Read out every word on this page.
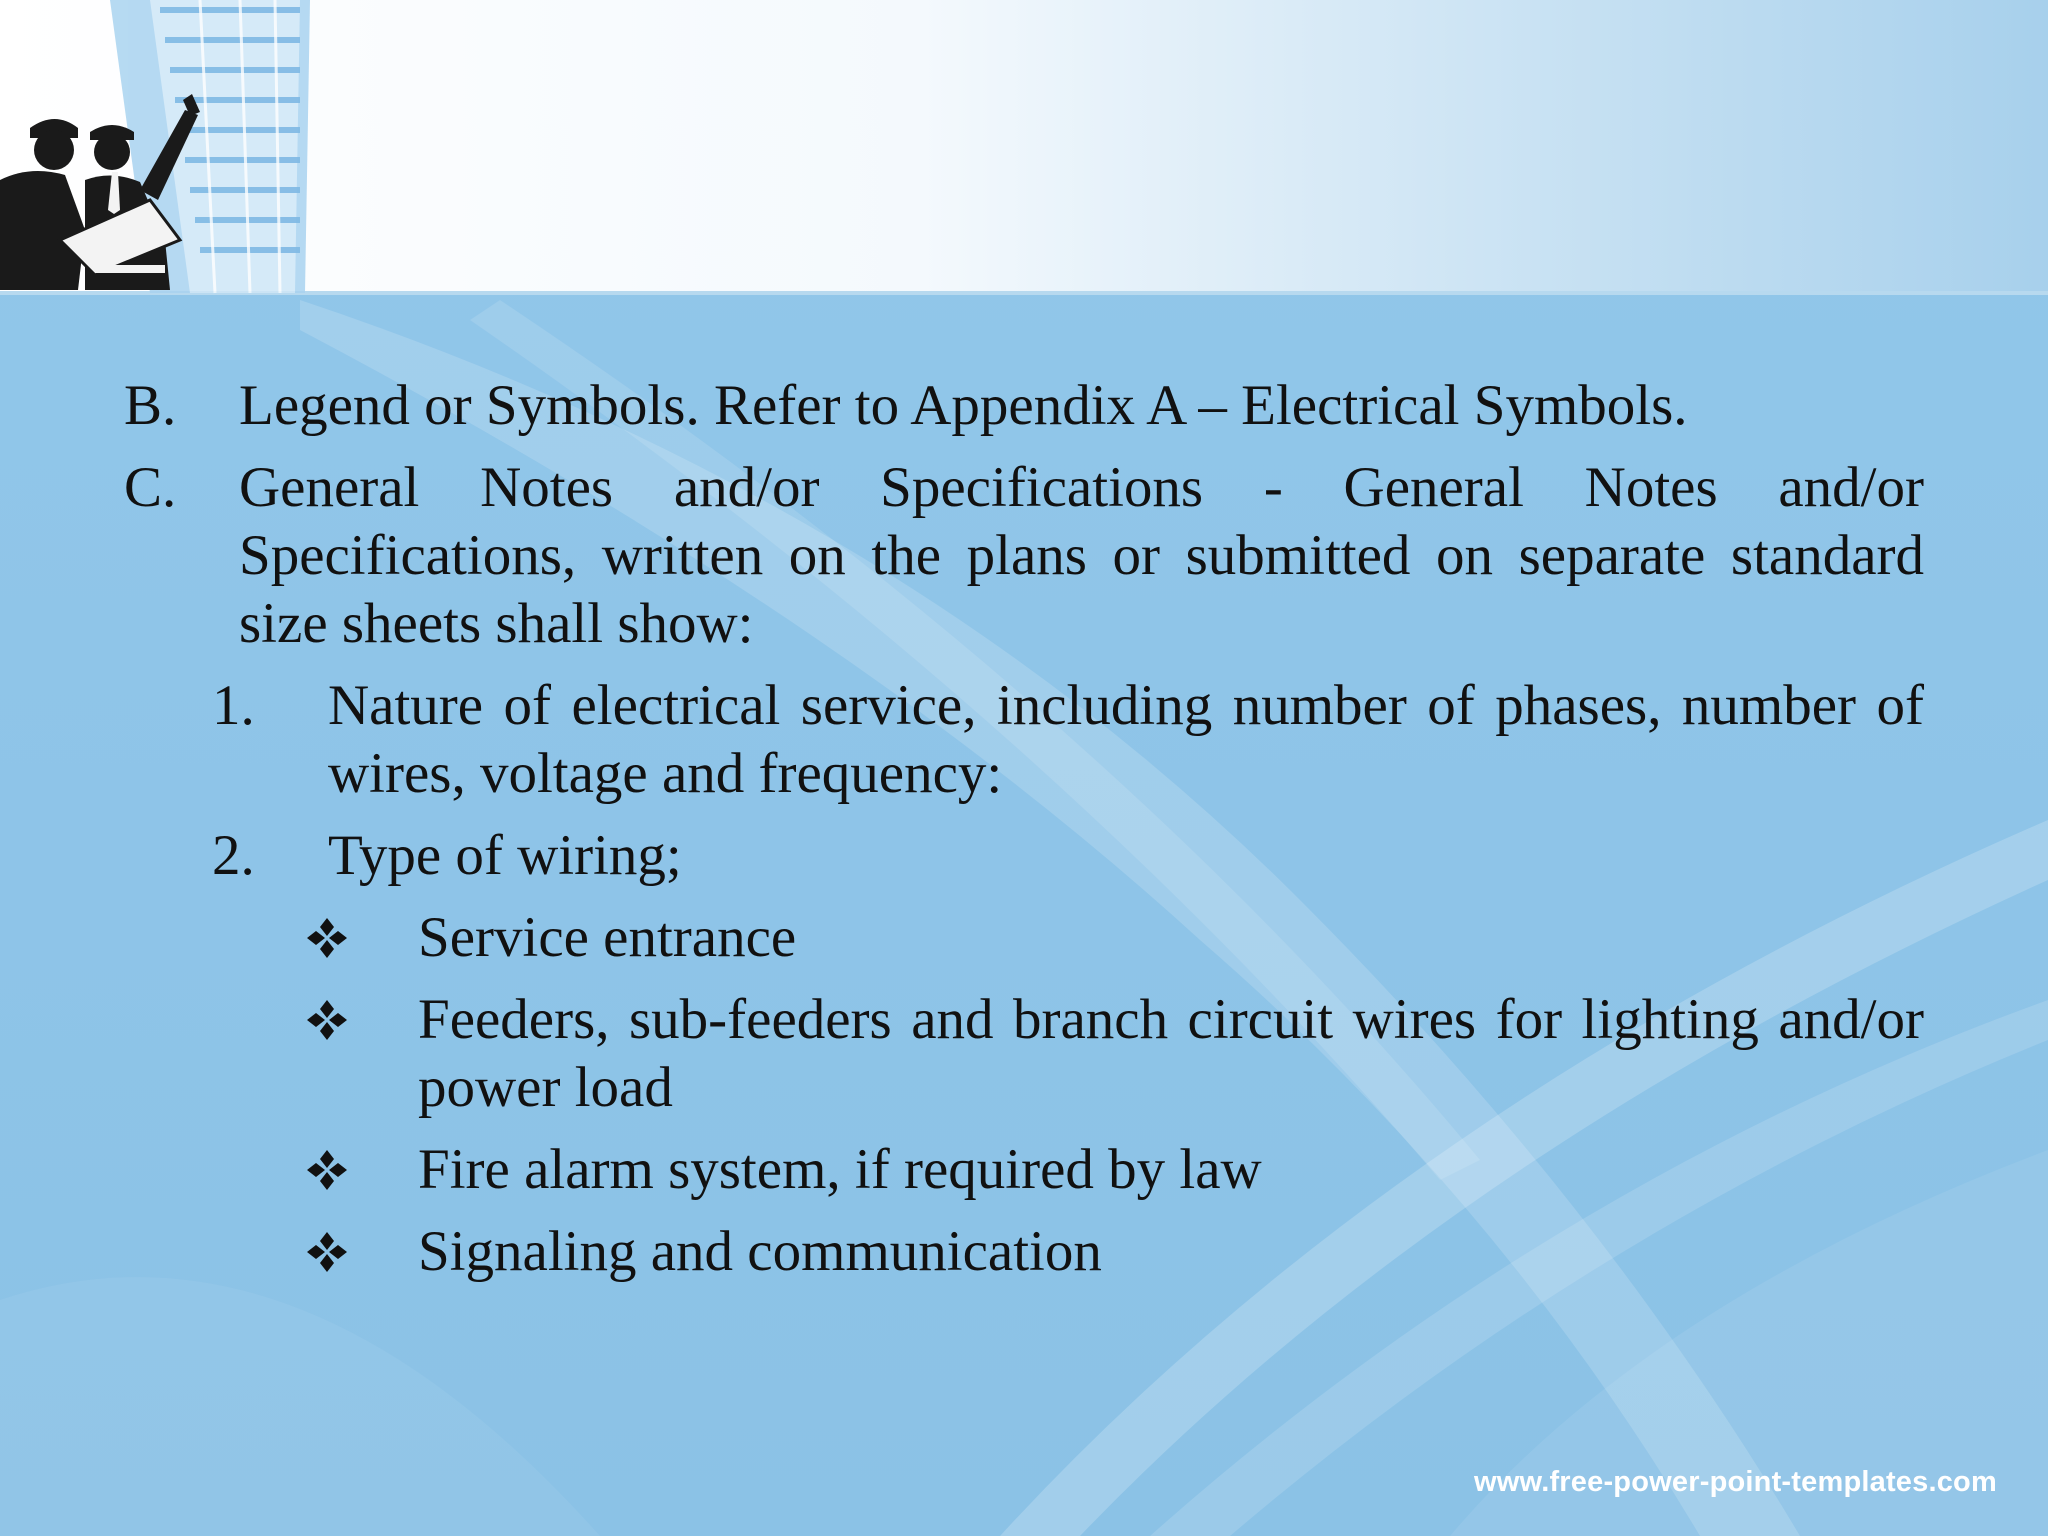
B. Legend or Symbols. Refer to Appendix A – Electrical Symbols.
C. General Notes and/or Specifications - General Notes and/or Specifications, written on the plans or submitted on separate standard size sheets shall show:
1. Nature of electrical service, including number of phases, number of wires, voltage and frequency:
2. Type of wiring;
Service entrance
Feeders, sub-feeders and branch circuit wires for lighting and/or power load
Fire alarm system, if required by law
Signaling and communication
www.free-power-point-templates.com
